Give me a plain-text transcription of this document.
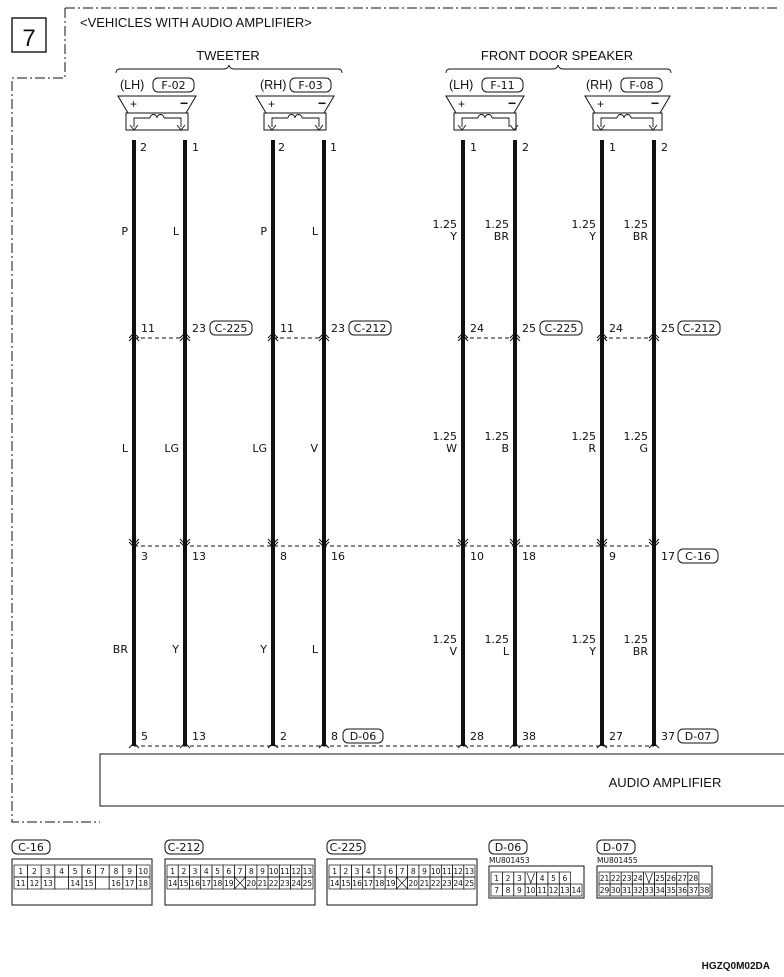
7
<VEHICLES WITH AUDIO AMPLIFIER>
TWEETER	FRONT DOOR SPEAKER
(LH) F-02
+	−
2	1
(RH) F-03
+	−
2	1
(LH) F-11
+	−
1	2
(RH) F-08
+	−
1	2
P	L	P	L
L	LG	LG	V
BR	Y	Y	L
1.25
Y
1.25
BR
1.25
Y
1.25
BR
1.25
W
1.25
B
1.25
R
1.25
G
1.25
V
1.25
L
1.25
Y
1.25
BR
11	23	11	23	24	25	24	25
C-225	C-212	C-225	C-212
3	13	8	16	10	18	9	17 C-16
5	13	2	8	28	38	27	37
D-06	D-07
AUDIO AMPLIFIER
C-16
1 2 3 4 5 6 7 8 9 10
11 12 13 14 15 16 17 18
C-212
1 2 3 4 5 6 7 8 9 10 11 12 13
14 15 16 17 18 19 20 21 22 23 24 25
C-225
1 2 3 4 5 6 7 8 9 10 11 12 13
14 15 16 17 18 19 20 21 22 23 24 25
D-06
MU801453
1 2 3 4 5 6
7 8 9 10 11 12 13 14
D-07
MU801455
21 22 23 24 25 26 27 28
29 30 31 32 33 34 35 36 37 38
HGZQ0M02DA
